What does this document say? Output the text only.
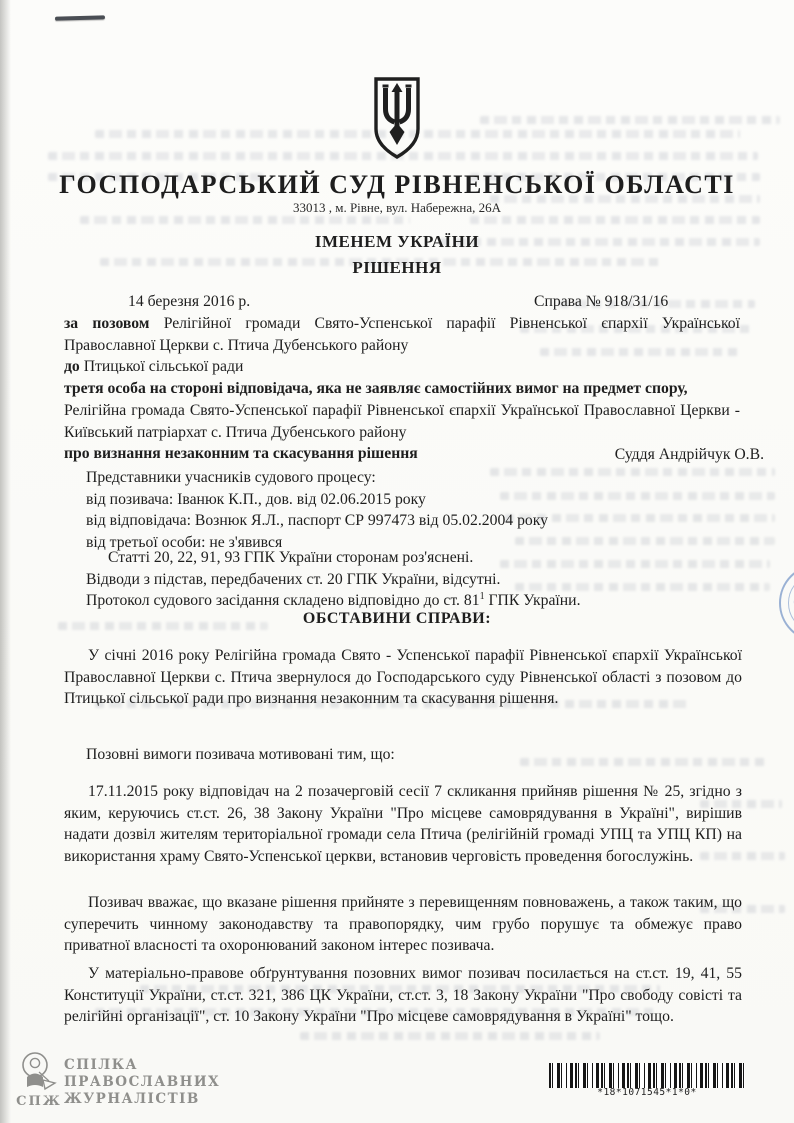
ГОСПОДАРСЬКИЙ СУД РІВНЕНСЬКОЇ ОБЛАСТІ
33013 , м. Рівне, вул. Набережна, 26А
ІМЕНЕМ УКРАЇНИ
РІШЕННЯ
14 березня 2016 р.	Справа № 918/31/16

за позовом Релігійної громади Свято-Успенської парафії Рівненської єпархії Української Православної Церкви с. Птича Дубенського району

до Птицької сільської ради

третя особа на стороні відповідача, яка не заявляє самостійних вимог на предмет спору,

Релігійна громада Свято-Успенської парафії Рівненської єпархії Української Православної Церкви - Київський патріархат с. Птича Дубенського району

про визнання незаконним та скасування рішення	Суддя Андрійчук О.В.
Представники учасників судового процесу:
від позивача: Іванюк К.П., дов. від 02.06.2015 року
від відповідача: Вознюк Я.Л., паспорт СР 997473 від 05.02.2004 року
від третьої особи: не з'явився
Статті 20, 22, 91, 93 ГПК України сторонам роз'яснені.
Відводи з підстав, передбачених ст. 20 ГПК України, відсутні.
Протокол судового засідання складено відповідно до ст. 81$^1$ ГПК України.
ОБСТАВИНИ СПРАВИ:
У січні 2016 року Релігійна громада Свято - Успенської парафії Рівненської єпархії Української Православної Церкви с. Птича звернулося до Господарського суду Рівненської області з позовом до Птицької сільської ради про визнання незаконним та скасування рішення.
Позовні вимоги позивача мотивовані тим, що:
17.11.2015 року відповідач на 2 позачерговій сесії 7 скликання прийняв рішення № 25, згідно з яким, керуючись ст.ст. 26, 38 Закону України "Про місцеве самоврядування в Україні", вирішив надати дозвіл жителям територіальної громади села Птича (релігійній громаді УПЦ та УПЦ КП) на використання храму Свято-Успенської церкви, встановив черговість проведення богослужінь.
Позивач вважає, що вказане рішення прийняте з перевищенням повноважень, а також таким, що суперечить чинному законодавству та правопорядку, чим грубо порушує та обмежує право приватної власності та охоронюваний законом інтерес позивача.
У матеріально-правове обґрунтування позовних вимог позивач посилається на ст.ст. 19, 41, 55 Конституції України, ст.ст. 321, 386 ЦК України, ст.ст. 3, 18 Закону України "Про свободу совісті та релігійні організації", ст. 10 Закону України "Про місцеве самоврядування в Україні" тощо.
СПЖ
СПІЛКА
ПРАВОСЛАВНИХ
ЖУРНАЛІСТІВ	*18*1071545*1*0*
